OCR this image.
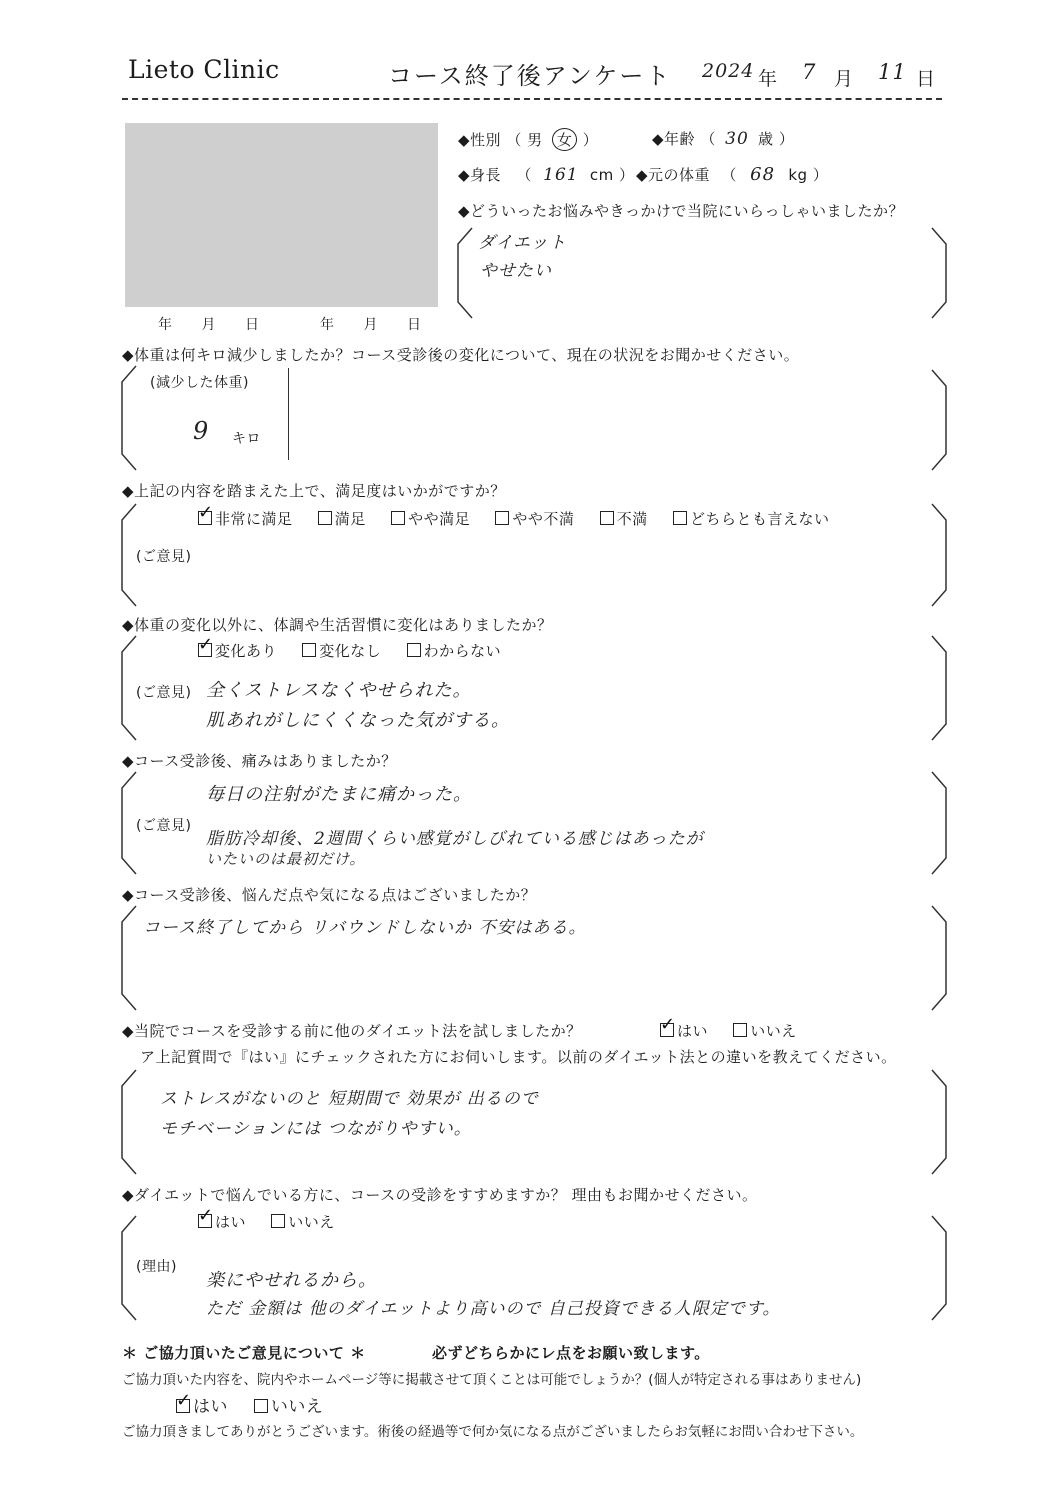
Lieto Clinic	コース終了後アンケート 2024 年 7 月 11 日
年　　月　　日	年　　月　　日
◆性別 （ 男 女 ）	◆年齢 （ 30 歳 ）
◆身長 （ 161 cm ） ◆元の体重 （ 68 kg ）
◆どういったお悩みやきっかけで当院にいらっしゃいましたか？
ダイエット
やせたい
◆体重は何キロ減少しましたか？コース受診後の変化について、現在の状況をお聞かせください。
(減少した体重)
9 キロ
◆上記の内容を踏まえた上で、満足度はいかがですか？
✓非常に満足	満足	やや満足	やや不満	不満	どちらとも言えない
(ご意見)
◆体重の変化以外に、体調や生活習慣に変化はありましたか？
✓変化あり	変化なし	わからない
(ご意見) 全くストレスなくやせられた。
肌あれがしにくくなった気がする。
◆コース受診後、痛みはありましたか？
毎日の注射がたまに痛かった。
(ご意見)
脂肪冷却後、2週間くらい感覚がしびれている感じはあったが
いたいのは最初だけ。
◆コース受診後、悩んだ点や気になる点はございましたか？
コース終了してから リバウンドしないか 不安はある。
◆当院でコースを受診する前に他のダイエット法を試しましたか？ ✓	はい	いいえ
ア上記質問で『はい』にチェックされた方にお伺いします。以前のダイエット法との違いを教えてください。
ストレスがないのと 短期間で 効果が 出るので
モチベーションには つながりやすい。
◆ダイエットで悩んでいる方に、コースの受診をすすめますか？ 理由もお聞かせください。
✓はい	いいえ
(理由)
楽にやせれるから。
ただ 金額は 他のダイエットより高いので 自己投資できる人限定です。
＊ ご協力頂いたご意見について ＊	必ずどちらかにレ点をお願い致します。
ご協力頂いた内容を、院内やホームページ等に掲載させて頂くことは可能でしょうか？(個人が特定される事はありません)
✓はい	いいえ
ご協力頂きましてありがとうございます。術後の経過等で何か気になる点がございましたらお気軽にお問い合わせ下さい。
